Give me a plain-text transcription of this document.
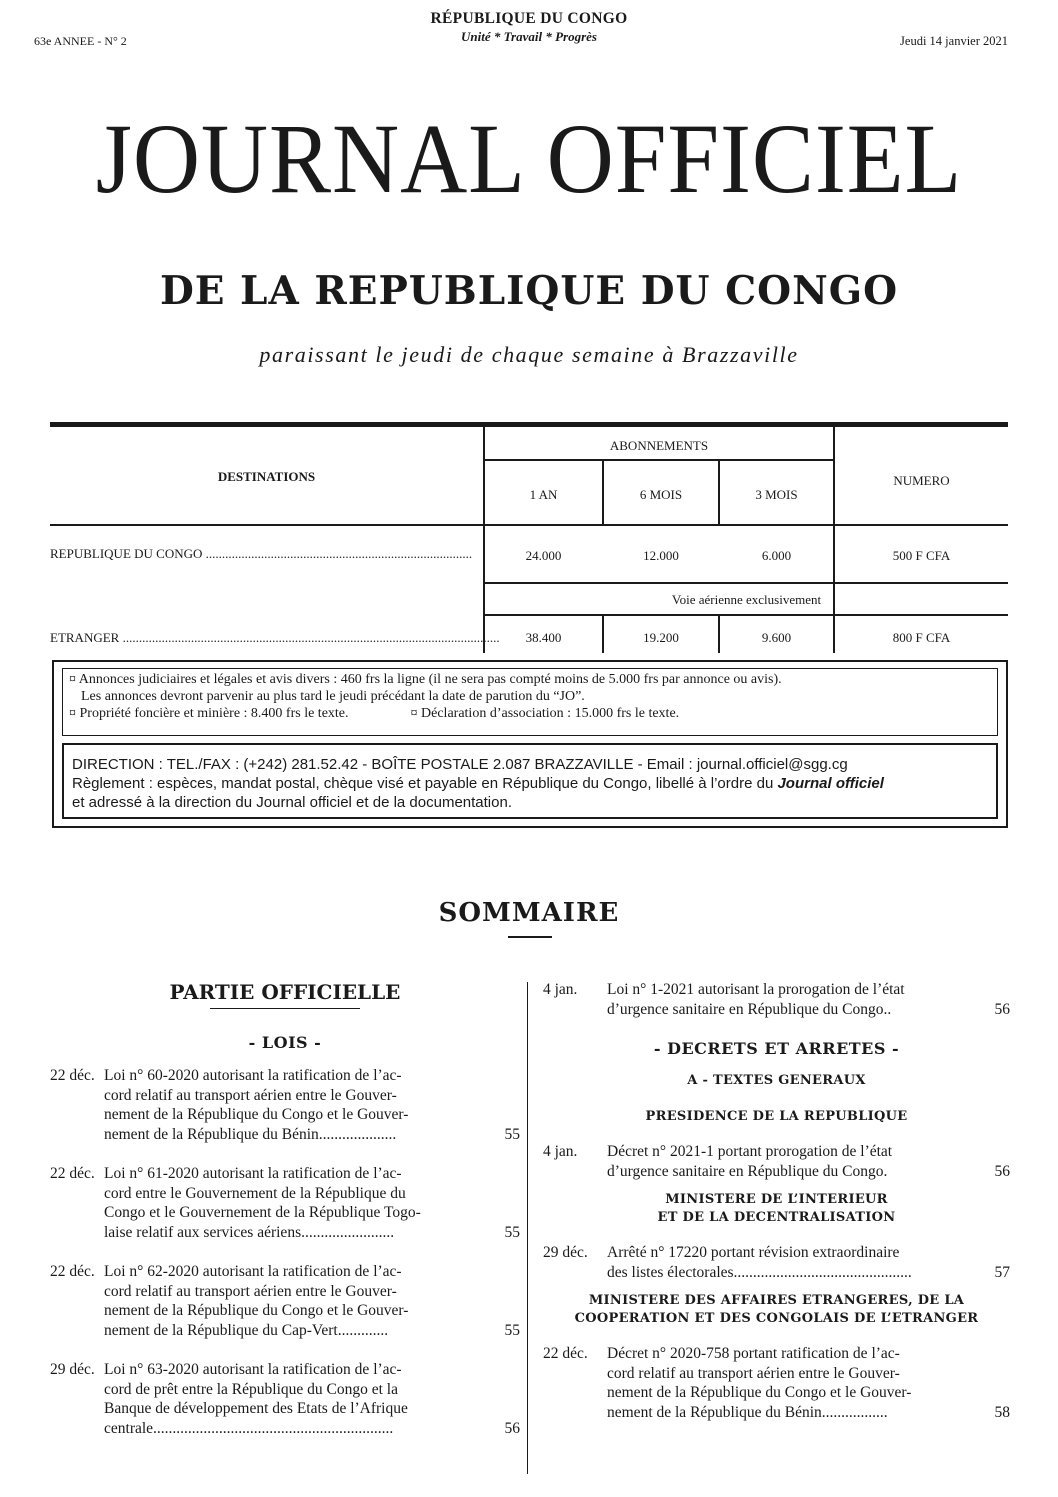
63e ANNEE - N° 2
RÉPUBLIQUE DU CONGO
Unité * Travail * Progrès	Jeudi 14 janvier 2021
JOURNAL OFFICIEL
DE LA REPUBLIQUE DU CONGO
paraissant le jeudi de chaque semaine à Brazzaville
DESTINATIONS
ABONNEMENTS
NUMERO
1 AN	6 MOIS	3 MOIS
REPUBLIQUE DU CONGO ..................................................................................	24.000	12.000	6.000	500 F CFA
Voie aérienne exclusivement
ETRANGER ....................................................................................................................	38.400	19.200	9.600	800 F CFA
¤ Annonces judiciaires et légales et avis divers : 460 frs la ligne (il ne sera pas compté moins de 5.000 frs par annonce ou avis).
Les annonces devront parvenir au plus tard le jeudi précédant la date de parution du “JO”.
¤ Propriété foncière et minière : 8.400 frs le texte.	¤ Déclaration d’association : 15.000 frs le texte.
DIRECTION : TEL./FAX : (+242) 281.52.42 - BOÎTE POSTALE 2.087 BRAZZAVILLE - Email : journal.officiel@sgg.cg
Règlement : espèces, mandat postal, chèque visé et payable en République du Congo, libellé à l’ordre du Journal officiel
et adressé à la direction du Journal officiel et de la documentation.
SOMMAIRE
PARTIE OFFICIELLE
- LOIS -
22 déc. Loi n° 60-2020 autorisant la ratification de l’ac-
cord relatif au transport aérien entre le Gouver-
nement de la République du Congo et le Gouver-
nement de la République du Bénin....................	55
22 déc. Loi n° 61-2020 autorisant la ratification de l’ac-
cord entre le Gouvernement de la République du
Congo et le Gouvernement de la République Togo-
laise relatif aux services aériens........................	55
22 déc. Loi n° 62-2020 autorisant la ratification de l’ac-
cord relatif au transport aérien entre le Gouver-
nement de la République du Congo et le Gouver-
nement de la République du Cap-Vert.............	55
29 déc. Loi n° 63-2020 autorisant la ratification de l’ac-
cord de prêt entre la République du Congo et la
Banque de développement des Etats de l’Afrique
centrale..............................................................	56
4 jan. Loi n° 1-2021 autorisant la prorogation de l’état
d’urgence sanitaire en République du Congo..	56
- DECRETS ET ARRETES -
A - TEXTES GENERAUX
PRESIDENCE DE LA REPUBLIQUE
4 jan. Décret n° 2021-1 portant prorogation de l’état
d’urgence sanitaire en République du Congo.	56
MINISTERE DE L’INTERIEUR
ET DE LA DECENTRALISATION
29 déc. Arrêté n° 17220 portant révision extraordinaire
des listes électorales..............................................	57
MINISTERE DES AFFAIRES ETRANGERES, DE LA
COOPERATION ET DES CONGOLAIS DE L’ETRANGER
22 déc. Décret n° 2020-758 portant ratification de l’ac-
cord relatif au transport aérien entre le Gouver-
nement de la République du Congo et le Gouver-
nement de la République du Bénin.................	58
